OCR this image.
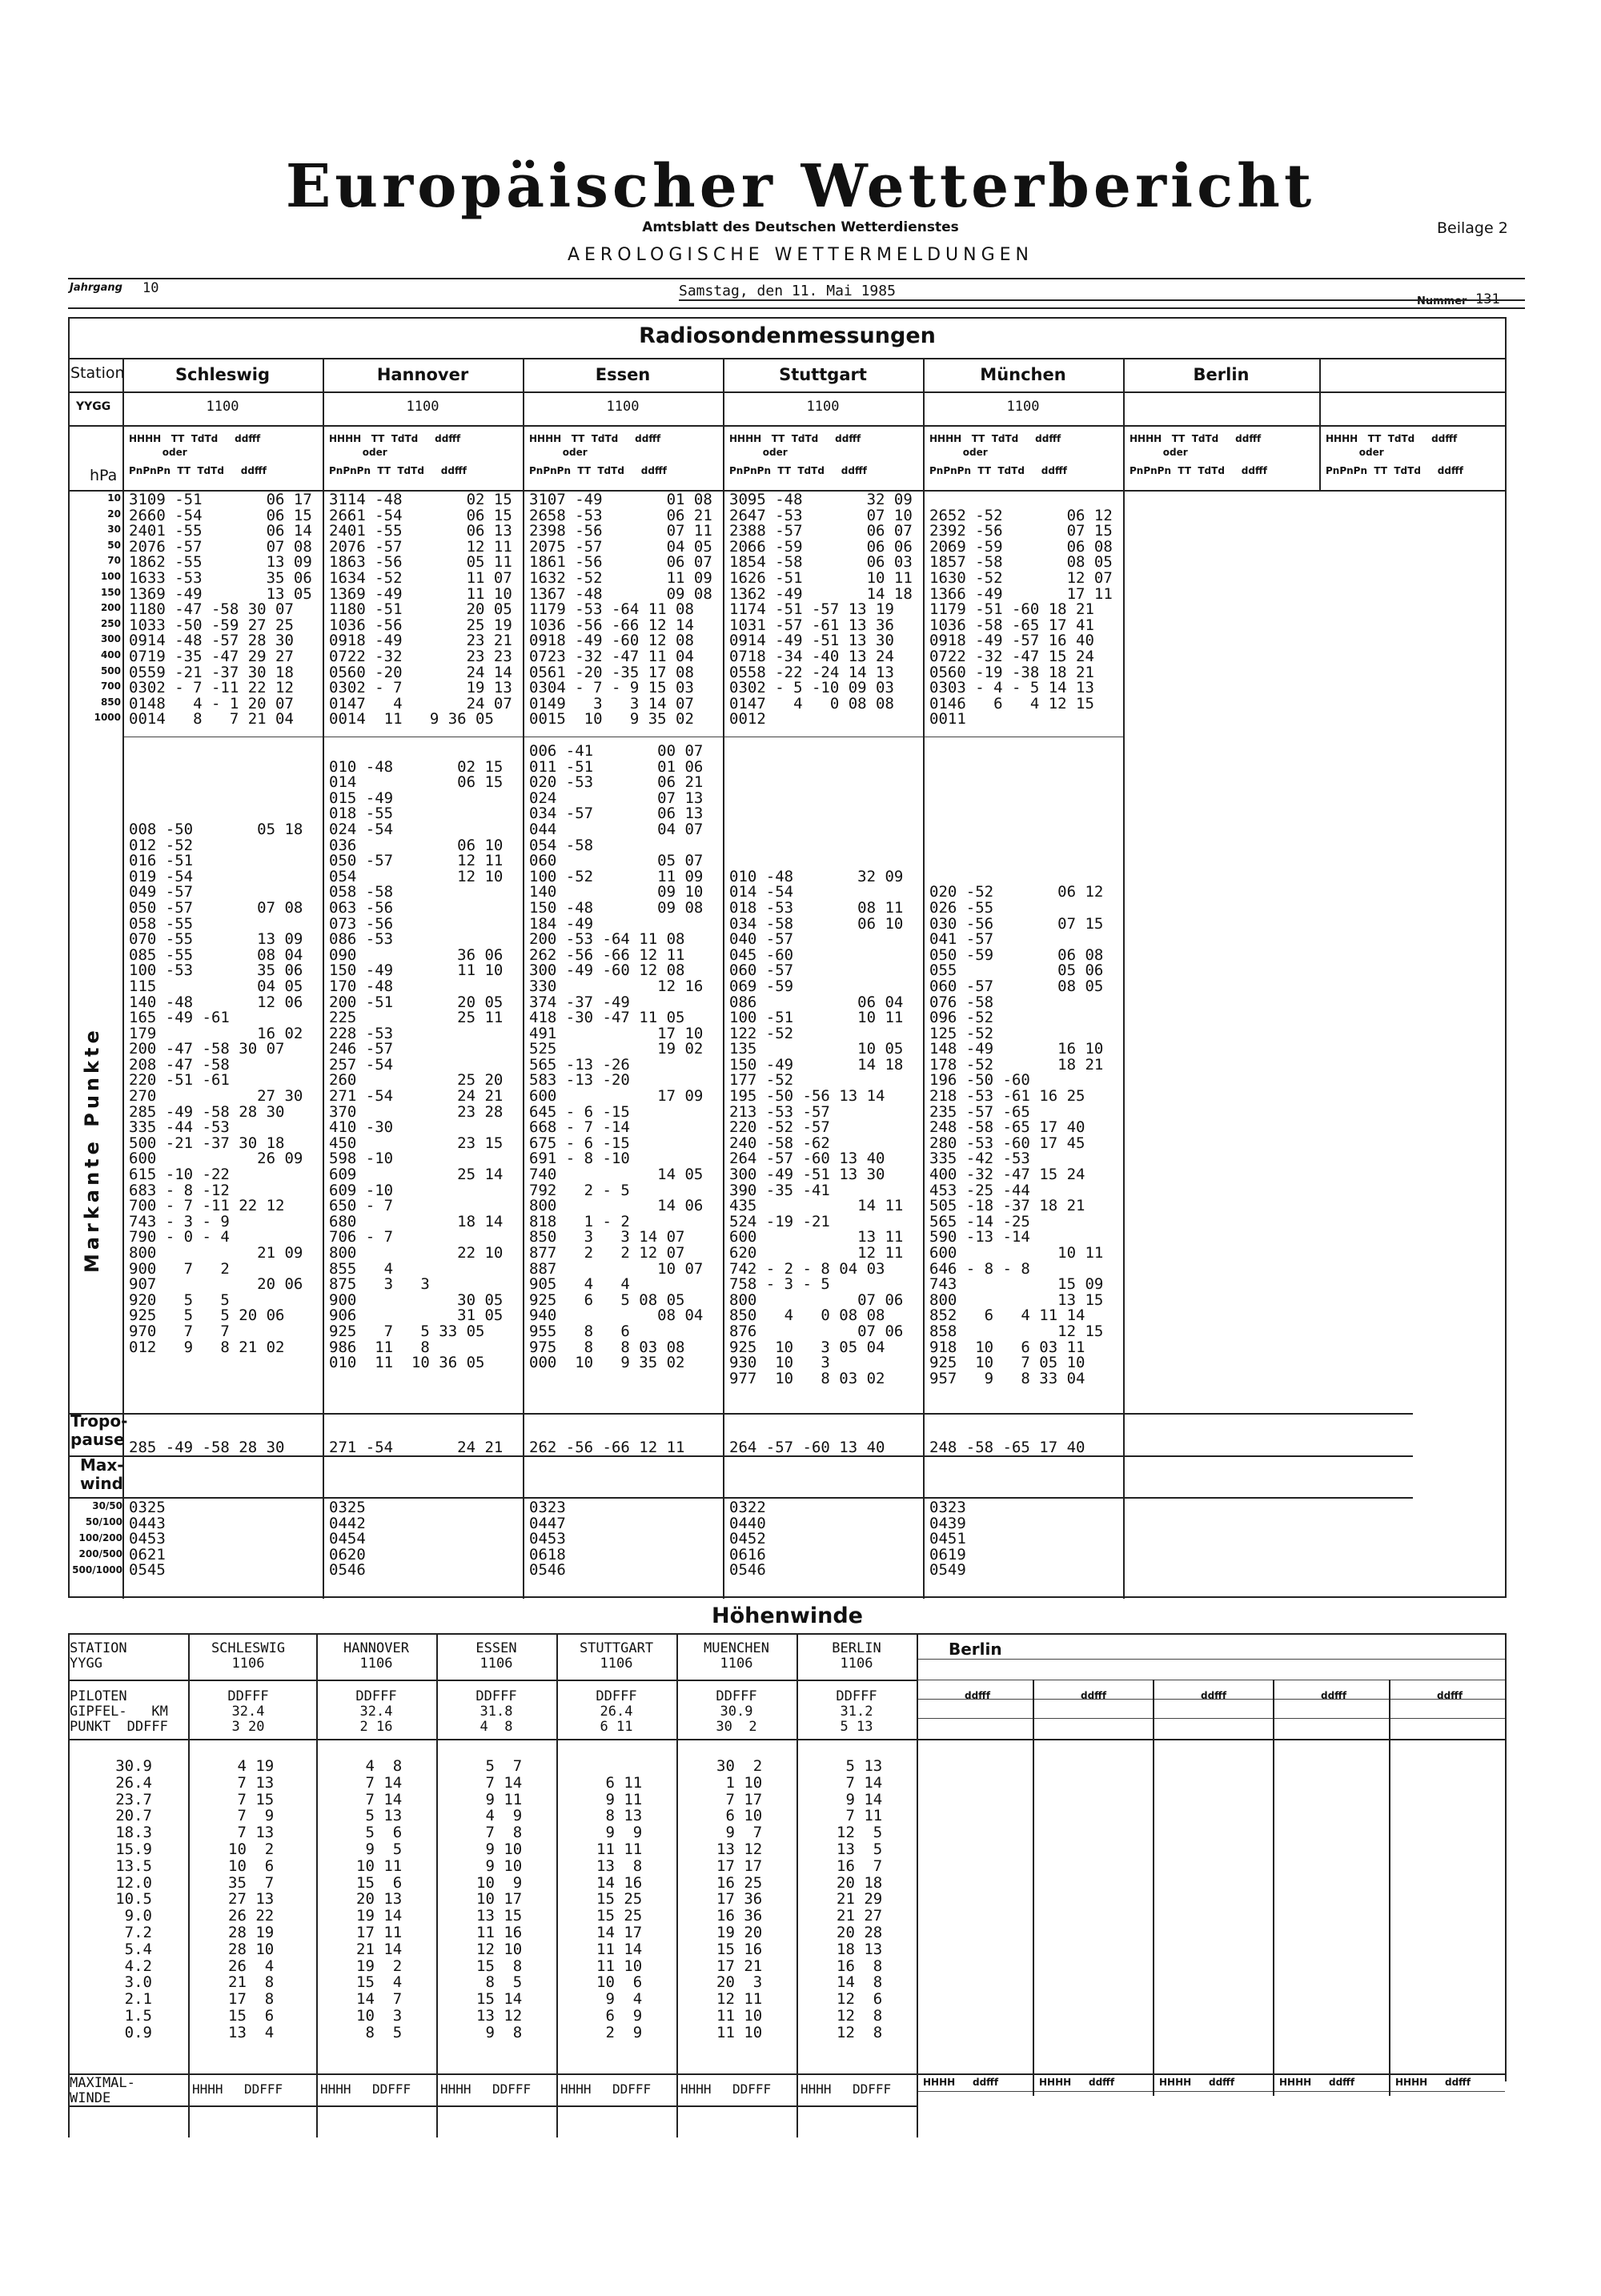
Europäischer Wetterbericht
Amtsblatt des Deutschen Wetterdienstes
AEROLOGISCHE WETTERMELDUNGEN
Beilage 2
Jahrgang 10	Samstag, den 11. Mai 1985
Nummer 131
Radiosondenmessungen
Station
YYGG
hPa
10
20
30
50
70
100
150
200
250
300
400
500
700
850
1000
Markante Punkte
Tropo-
pause
Max-
wind
30/50
50/100
100/200
200/500
500/1000
Schleswig
1100
HHHH   TT  TdTd     ddfff
oder
PnPnPn  TT  TdTd     ddfff
3109 -51       06 17
2660 -54       06 15
2401 -55       06 14
2076 -57       07 08
1862 -55       13 09
1633 -53       35 06
1369 -49       13 05
1180 -47 -58 30 07
1033 -50 -59 27 25
0914 -48 -57 28 30
0719 -35 -47 29 27
0559 -21 -37 30 18
0302 - 7 -11 22 12
0148   4 - 1 20 07
0014   8   7 21 04

008 -50       05 18
012 -52
016 -51
019 -54
049 -57
050 -57       07 08
058 -55
070 -55       13 09
085 -55       08 04
100 -53       35 06
115           04 05
140 -48       12 06
165 -49 -61
179           16 02
200 -47 -58 30 07
208 -47 -58
220 -51 -61
270           27 30
285 -49 -58 28 30
335 -44 -53
500 -21 -37 30 18
600           26 09
615 -10 -22
683 - 8 -12
700 - 7 -11 22 12
743 - 3 - 9
790 - 0 - 4
800           21 09
900   7   2
907           20 06
920   5   5
925   5   5 20 06
970   7   7
012   9   8 21 02
285 -49 -58 28 30
0325
0443
0453
0621
0545
Hannover
1100
HHHH   TT  TdTd     ddfff
oder
PnPnPn  TT  TdTd     ddfff
3114 -48       02 15
2661 -54       06 15
2401 -55       06 13
2076 -57       12 11
1863 -56       05 11
1634 -52       11 07
1369 -49       11 10
1180 -51       20 05
1036 -56       25 19
0918 -49       23 21
0722 -32       23 23
0560 -20       24 14
0302 - 7       19 13
0147   4       24 07
0014  11   9 36 05

010 -48       02 15
014           06 15
015 -49
018 -55
024 -54
036           06 10
050 -57       12 11
054           12 10
058 -58
063 -56
073 -56
086 -53
090           36 06
150 -49       11 10
170 -48
200 -51       20 05
225           25 11
228 -53
246 -57
257 -54
260           25 20
271 -54       24 21
370           23 28
410 -30
450           23 15
598 -10
609           25 14
609 -10
650 - 7
680           18 14
706 - 7
800           22 10
855   4
875   3   3
900           30 05
906           31 05
925   7   5 33 05
986  11   8
010  11  10 36 05
271 -54       24 21
0325
0442
0454
0620
0546
Essen
1100
HHHH   TT  TdTd     ddfff
oder
PnPnPn  TT  TdTd     ddfff
3107 -49       01 08
2658 -53       06 21
2398 -56       07 11
2075 -57       04 05
1861 -56       06 07
1632 -52       11 09
1367 -48       09 08
1179 -53 -64 11 08
1036 -56 -66 12 14
0918 -49 -60 12 08
0723 -32 -47 11 04
0561 -20 -35 17 08
0304 - 7 - 9 15 03
0149   3   3 14 07
0015  10   9 35 02
006 -41       00 07
011 -51       01 06
020 -53       06 21
024           07 13
034 -57       06 13
044           04 07
054 -58
060           05 07
100 -52       11 09
140           09 10
150 -48       09 08
184 -49
200 -53 -64 11 08
262 -56 -66 12 11
300 -49 -60 12 08
330           12 16
374 -37 -49
418 -30 -47 11 05
491           17 10
525           19 02
565 -13 -26
583 -13 -20
600           17 09
645 - 6 -15
668 - 7 -14
675 - 6 -15
691 - 8 -10
740           14 05
792   2 - 5
800           14 06
818   1 - 2
850   3   3 14 07
877   2   2 12 07
887           10 07
905   4   4
925   6   5 08 05
940           08 04
955   8   6
975   8   8 03 08
000  10   9 35 02
262 -56 -66 12 11
0323
0447
0453
0618
0546
Stuttgart
1100
HHHH   TT  TdTd     ddfff
oder
PnPnPn  TT  TdTd     ddfff
3095 -48       32 09
2647 -53       07 10
2388 -57       06 07
2066 -59       06 06
1854 -58       06 03
1626 -51       10 11
1362 -49       14 18
1174 -51 -57 13 19
1031 -57 -61 13 36
0914 -49 -51 13 30
0718 -34 -40 13 24
0558 -22 -24 14 13
0302 - 5 -10 09 03
0147   4   0 08 08
0012

010 -48       32 09
014 -54
018 -53       08 11
034 -58       06 10
040 -57
045 -60
060 -57
069 -59
086           06 04
100 -51       10 11
122 -52
135           10 05
150 -49       14 18
177 -52
195 -50 -56 13 14
213 -53 -57
220 -52 -57
240 -58 -62
264 -57 -60 13 40
300 -49 -51 13 30
390 -35 -41
435           14 11
524 -19 -21
600           13 11
620           12 11
742 - 2 - 8 04 03
758 - 3 - 5
800           07 06
850   4   0 08 08
876           07 06
925  10   3 05 04
930  10   3
977  10   8 03 02
264 -57 -60 13 40
0322
0440
0452
0616
0546
München
1100
HHHH   TT  TdTd     ddfff
oder
PnPnPn  TT  TdTd     ddfff

2652 -52       06 12
2392 -56       07 15
2069 -59       06 08
1857 -58       08 05
1630 -52       12 07
1366 -49       17 11
1179 -51 -60 18 21
1036 -58 -65 17 41
0918 -49 -57 16 40
0722 -32 -47 15 24
0560 -19 -38 18 21
0303 - 4 - 5 14 13
0146   6   4 12 15
0011

020 -52       06 12
026 -55
030 -56       07 15
041 -57
050 -59       06 08
055           05 06
060 -57       08 05
076 -58
096 -52
125 -52
148 -49       16 10
178 -52       18 21
196 -50 -60
218 -53 -61 16 25
235 -57 -65
248 -58 -65 17 40
280 -53 -60 17 45
335 -42 -53
400 -32 -47 15 24
453 -25 -44
505 -18 -37 18 21
565 -14 -25
590 -13 -14
600           10 11
646 - 8 - 8
743           15 09
800           13 15
852   6   4 11 14
858           12 15
918  10   6 03 11
925  10   7 05 10
957   9   8 33 04
248 -58 -65 17 40
0323
0439
0451
0619
0549
Berlin
HHHH   TT  TdTd     ddfff
oder
PnPnPn  TT  TdTd     ddfff
HHHH   TT  TdTd     ddfff
oder
PnPnPn  TT  TdTd     ddfff
Höhenwinde
STATION
YYGG
PILOTEN
GIPFEL-   KM
PUNKT  DDFFF
MAXIMAL-
WINDE
Berlin
30.9
26.4
23.7
20.7
18.3
15.9
13.5
12.0
10.5
9.0
7.2
5.4
4.2
3.0
2.1
1.5
0.9
SCHLESWIG
1106
DDFFF
32.4
3 20
4 19
7 13
7 15
7  9
7 13
10  2
10  6
35  7
27 13
26 22
28 19
28 10
26  4
21  8
17  8
15  6
13  4
HHHH DDFFF
HANNOVER
1106
DDFFF
32.4
2 16
4  8
7 14
7 14
5 13
5  6
9  5
10 11
15  6
20 13
19 14
17 11
21 14
19  2
15  4
14  7
10  3
8  5
HHHH DDFFF
ESSEN
1106
DDFFF
31.8
4  8
5  7
7 14
9 11
4  9
7  8
9 10
9 10
10  9
10 17
13 15
11 16
12 10
15  8
8  5
15 14
13 12
9  8
HHHH DDFFF
STUTTGART
1106
DDFFF
26.4
6 11

6 11
9 11
8 13
9  9
11 11
13  8
14 16
15 25
15 25
14 17
11 14
11 10
10  6
9  4
6  9
2  9
HHHH DDFFF
MUENCHEN
1106
DDFFF
30.9
30  2
30  2
1 10
7 17
6 10
9  7
13 12
17 17
16 25
17 36
16 36
19 20
15 16
17 21
20  3
12 11
11 10
11 10
HHHH DDFFF
BERLIN
1106
DDFFF
31.2
5 13
5 13
7 14
9 14
7 11
12  5
13  5
16  7
20 18
21 29
21 27
20 28
18 13
16  8
14  8
12  6
12  8
12  8
HHHH DDFFF
ddfff
HHHH ddfff
ddfff
HHHH ddfff
ddfff
HHHH ddfff
ddfff
HHHH ddfff
ddfff
HHHH ddfff
